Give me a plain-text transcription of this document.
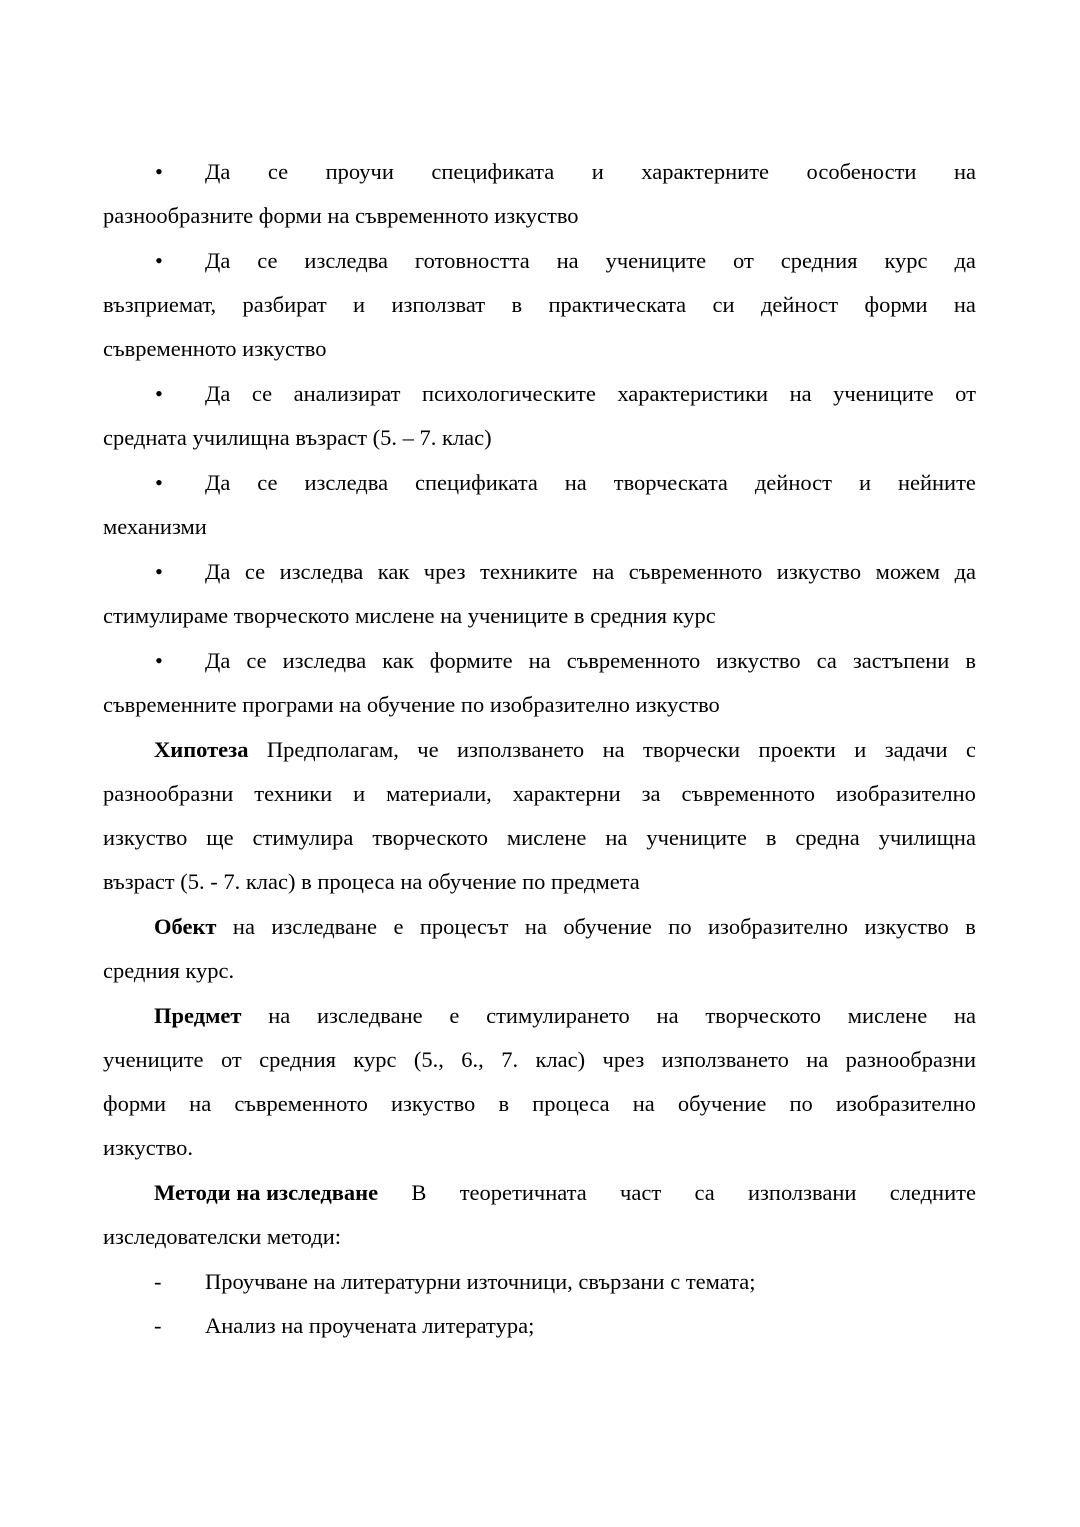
• Да се проучи спецификата и характерните особености на
разнообразните форми на съвременното изкуство
• Да се изследва готовността на учениците от средния курс да
възприемат, разбират и използват в практическата си дейност форми на
съвременното изкуство
• Да се анализират психологическите характеристики на учениците от
средната училищна възраст (5. – 7. клас)
• Да се изследва спецификата на творческата дейност и нейните
механизми
• Да се изследва как чрез техниките на съвременното изкуство можем да
стимулираме творческото мислене на учениците в средния курс
• Да се изследва как формите на съвременното изкуство са застъпени в
съвременните програми на обучение по изобразително изкуство
Хипотеза Предполагам, че използването на творчески проекти и задачи с
разнообразни техники и материали, характерни за съвременното изобразително
изкуство ще стимулира творческото мислене на учениците в средна училищна
възраст (5. - 7. клас) в процеса на обучение по предмета
Обект на изследване е процесът на обучение по изобразително изкуство в
средния курс.
Предмет на изследване е стимулирането на творческото мислене на
учениците от средния курс (5., 6., 7. клас) чрез използването на разнообразни
форми на съвременното изкуство в процеса на обучение по изобразително
изкуство.
Методи на изследване В теоретичната част са използвани следните
изследователски методи:
- Проучване на литературни източници, свързани с темата;
- Анализ на проучената литература;
